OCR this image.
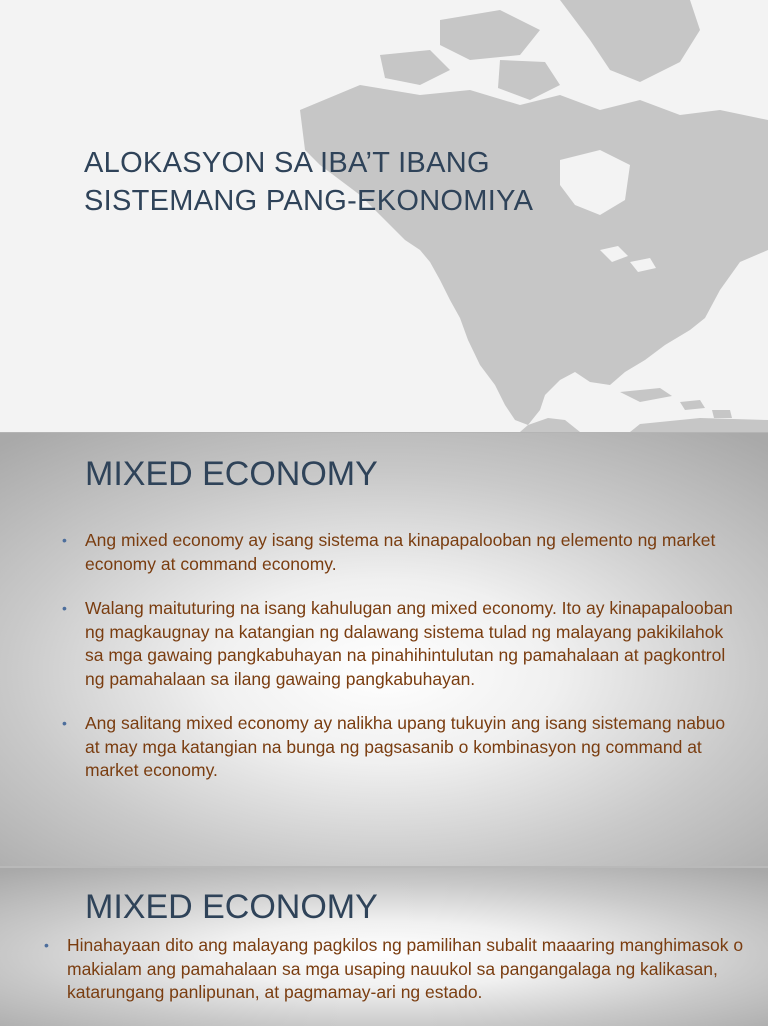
ALOKASYON SA IBA’T IBANG
SISTEMANG PANG-EKONOMIYA
MIXED ECONOMY
• Ang mixed economy ay isang sistema na kinapapalooban ng elemento ng market economy at command economy.
• Walang maituturing na isang kahulugan ang mixed economy. Ito ay kinapapalooban ng magkaugnay na katangian ng dalawang sistema tulad ng malayang pakikilahok sa mga gawaing pangkabuhayan na pinahihintulutan ng pamahalaan at pagkontrol ng pamahalaan sa ilang gawaing pangkabuhayan.
• Ang salitang mixed economy ay nalikha upang tukuyin ang isang sistemang nabuo at may mga katangian na bunga ng pagsasanib o kombinasyon ng command at market economy.
MIXED ECONOMY
• Hinahayaan dito ang malayang pagkilos ng pamilihan subalit maaaring manghimasok o makialam ang pamahalaan sa mga usaping nauukol sa pangangalaga ng kalikasan, katarungang panlipunan, at pagmamay-ari ng estado.
